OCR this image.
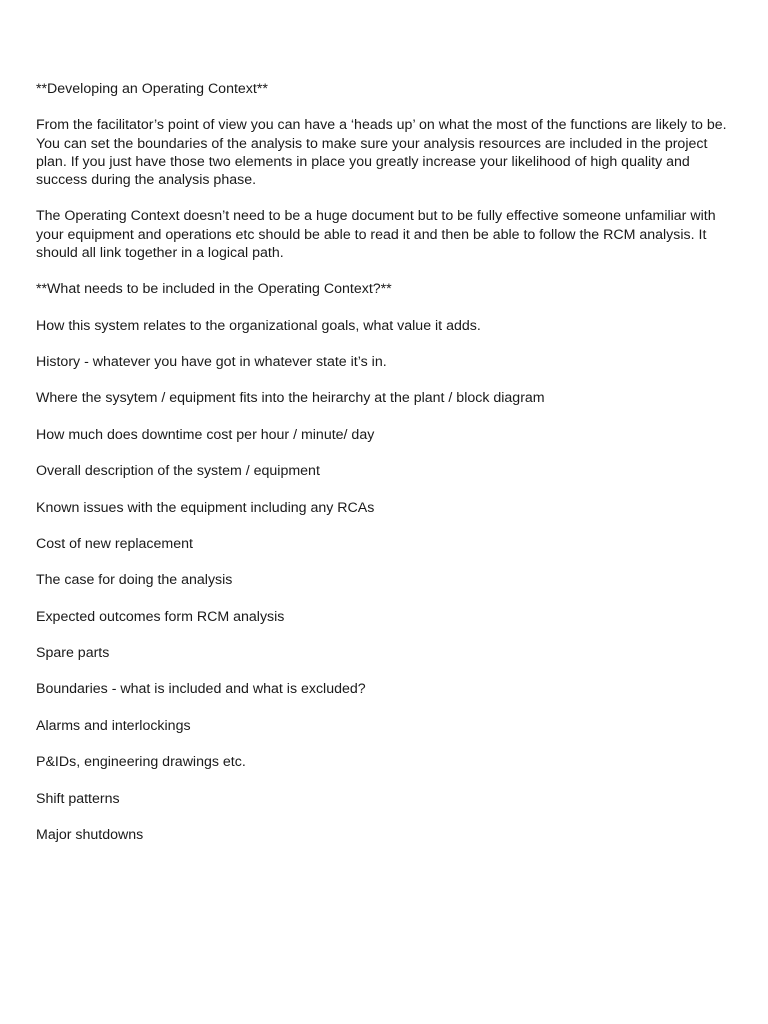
**Developing an Operating Context**

From the facilitator’s point of view you can have a ‘heads up’ on what the most of the functions are likely to be. You can set the boundaries of the analysis to make sure your analysis resources are included in the project plan. If you just have those two elements in place you greatly increase your likelihood of high quality and success during the analysis phase.

The Operating Context doesn’t need to be a huge document but to be fully effective someone unfamiliar with your equipment and operations etc should be able to read it and then be able to follow the RCM analysis. It should all link together in a logical path.

**What needs to be included in the Operating Context?**

How this system relates to the organizational goals, what value it adds.

History - whatever you have got in whatever state it’s in.

Where the sysytem / equipment fits into the heirarchy at the plant / block diagram

How much does downtime cost per hour / minute/ day

Overall description of the system / equipment

Known issues with the equipment including any RCAs

Cost of new replacement

The case for doing the analysis

Expected outcomes form RCM analysis

Spare parts

Boundaries - what is included and what is excluded?

Alarms and interlockings

P&IDs, engineering drawings etc.

Shift patterns

Major shutdowns
